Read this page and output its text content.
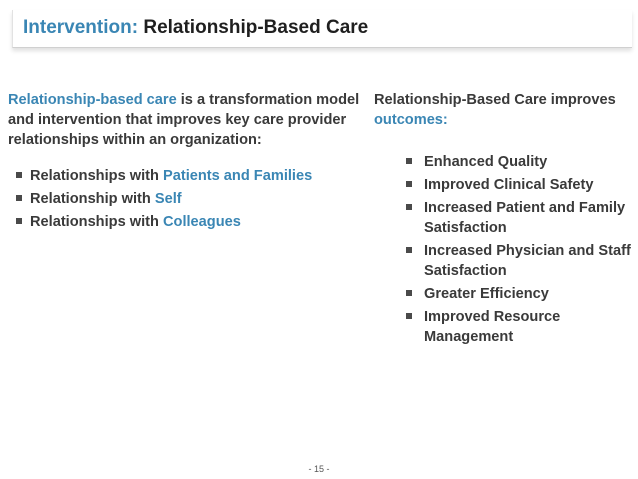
Intervention: Relationship-Based Care

Relationship-based care is a transformation model and intervention that improves key care provider relationships within an organization:

Relationships with Patients and Families
Relationship with Self
Relationships with Colleagues

Relationship-Based Care improves outcomes:

Enhanced Quality
Improved Clinical Safety
Increased Patient and Family Satisfaction
Increased Physician and Staff Satisfaction
Greater Efficiency
Improved Resource Management
- 15 -
